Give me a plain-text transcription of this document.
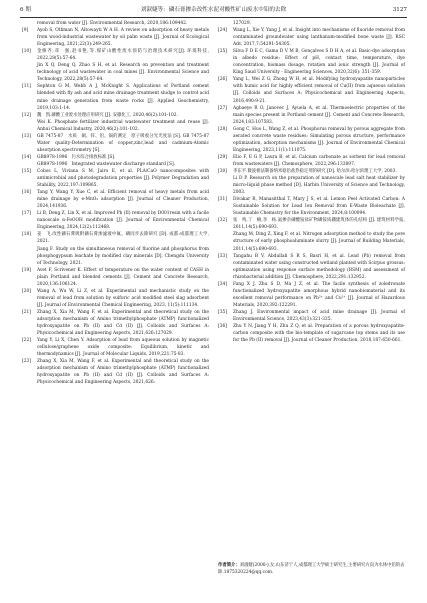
6 期	刘淑婕等：磷石膏掺杂改性水泥对酸性矿山废水中铅的去除	3127
removal from water [J]. Environmental Research, 2020,186:109442.
[9]	Ayob S, Othman N, Altowayti W A H. A review on adsorption of heavy metals from wood-industrial wastewater by oil palm waste [J]. Journal of Ecological Engineering, 2021,22(3):249-265.
[10]	金修齐,邓　强,赵书艳,等.煤矿山酸性废水预防与治理技术研究[J]. 环境科技, 2022,28(5):57-64.
Jin X Q, Deng Q, Zhao S H, et al. Research on prevention and treatment technology of acid wastewater in coal mines [J]. Environmental Science and Technology, 2022,28(5):57-64.
[11]	Sephton G M, Webb A J, McKnight S. Applications of Portland cement blended with fly ash and acid mine drainage treatment sludge to control acid mine drainage generation from waste rocks [J]. Applied Geochemistry, 2019,103:1-14.
[12]	魏　凯.磷酸工业废水处理应用研究 [J]. 安徽化工, 2020,46(2):101-102.
Wei K. Phosphate fertilizer industrial wastewater treatment and reuse [J]. Anhui Chemical Industry, 2020,46(2):101-102.
[13]	GB 7475-87　水质　铜、锌、铅、镉的测定　原子吸收分光光度法 [S]. GB 7475-87　Water quality-Determination of copper,zinc,lead and cadmium-Atomic absorption spectrometry [S].
[14]	GB8978-1996　污水综合排放标准 [S].
GB8978-1996　Integrated wastewater discharge standard [S].
[15]	Cobos L, Viviana S M, Jairo E, et al. PLA/CaO nanocomposites with antimicrobial and photodegradation properties [J]. Polymer Degradation and Stability, 2022,197:109865.
[16]	Tang Y, Wang Y, Xue C, et al. Efficient removal of heavy metals from acid mine drainage by e-MnO₂ adsorption [J]. Journal of Cleaner Production, 2024,141936.
[17]	Li B, Deng Z, Lin X, et al. Improved Pb (II) removal by D001resin with a facile nanoscale α-FeOOH modification [J]. Journal of Environmental Chemical Engineering, 2024,12(2):112468.
[18]	姜　飞.改性磷石膏吸附磷石膏渗滤液中氟、磷同步去除研究 [D]. 成都:成都理工大学, 2021.
Jiang F. Study on the simultaneous removal of fluorine and phosphorus from phosphogypsum leachate by modified clay minerals [D]. Chengdu University of Technology, 2021.
[19]	Avet F, Scrivener K. Effect of temperature on the water content of CASH in plain Portland and blended cements [J]. Cement and Concrete Research, 2020,136:106124.
[20]	Wang A, Wu W, Li Z, et al. Experimental and mechanistic study on the removal of lead from solution by sulfuric acid modified steel slag adsorbent [J]. Journal of Environmental Chemical Engineering, 2023, 11(5):111134.
[21]	Zhang X, Xia M, Wang F, et al. Experimental and theoretical study on the adsorption mechanism of Amino trimethylphosphate (ATMP) functionalized hydroxyapatite on Pb (II) and Cd (II) [J]. Colloids and Surfaces A: Physicochemical and Engineering Aspects, 2021,626:127029.
[22]	Yang Y, Li X, Chen Y. Adsorption of lead from aqueous solution by magnetic cellulose/graphene oxide composite: Equilibrium, kinetic and thermodynamics [J]. Journal of Molecular Liquids, 2019,221:75-83.
[23]	Zhang X, Xia M, Wang F, et al. Experimental and theoretical study on the adsorption mechanism of Amino trimethylphosphate (ATMP) functionalized hydroxyapatite on Pb (II) and Cd (II) [J]. Colloids and Surfaces A: Physicochemical and Engineering Aspects, 2021,626:
127029.
[24]	Wang L, Xie Y, Yang J, et al. Insight into mechanisms of fluoride removal from contaminated groundwater using lanthanum-modified bone waste [J]. RSC Adv, 2017,7:54291-54305.
[25]	Silva F D E C, Gama D V M B, Gonçalves S D H A, et al. Basic-dye adsorption in albedo residue: Effect of pH, contact time, temperature, dye concentration, biomass dosage, rotation and ionic strength [J]. Journal of King Saud University - Engineering Sciences, 2020,32(6): 351-359.
[26]	Yang L, Wei Z G, Zhong W H, et al. Modifying hydroxyapatite nanoparticles with humic acid for highly efficient removal of Cu(II) from aqueous solution [J]. Colloids and Surfaces A: Physicochemical and Engineering Aspects, 2016,490:9-21.
[27]	Agbaeye R O, Janovec J, Ayuela A, et al. Thermoelectric properties of the main species present in Portland cement [J]. Cement and Concrete Research, 2024,183:107583.
[28]	Gong C, Huo L, Wang Z, et al. Phosphorus removal by porous aggregate from aerated concrete waste residues: Simulating porous structure, performance optimization, adsorption mechanisms [J]. Journal of Environmental Chemical Engineering, 2023,11(1):111075.
[29]	Elio F, E G P, Laura B, et al. Calcium carbonate as sorbent for lead removal from wastewaters [J]. Chemosphere, 2022,296:133897.
[30]	李东平.微波相法制备纳米稳铅盐热稳定剂的研究 [D]. 哈尔滨:哈尔滨理工大学, 2003.
Li D P. Research on the preparation of nanoscale lead salt heat stabilizer by micro-liquid phase method [D]. Harbin University of Science and Technology, 2003.
[31]	Divakar R, Manasitthal T, Mary J S, et al. Lemon Peel Activated Carbon: A Sustainable Solution for Lead Ion Removal from E-Waste Bioleachate [J]. Sustainable Chemistry for the Environment, 2024,8:100094.
[32]	张　鸣,丁　楠,李　杨.氮掺杂磷酸铵盐矿物磷铵质硼建筑体的孔结构 [J]. 建筑材料学报, 2011,14(5):690-693.
Zhang M, Ding Z, Xing F, et al. Nitrogen adsorption method to study the pore structure of early phosphoaluminate slurry [J]. Journal of Building Materials, 2011,14(5):690-693.
[33]	Tangahu B V, Abdullah S R S, Basri H, et al. Lead (Pb) removal from contaminated water using constructed wetland planted with Scirpus grossus: optimization using response surface methodology (RSM) and assessment of rhizobacterial addition [J]. Chemosphere, 2022,291:132952.
[34]	Fang X J, Zhu S D, Ma J Z, et al. The facile synthesis of zoledronate functionalized hydroxyapatite amorphous hybrid nanobiomaterial and its excellent removal performance on Pb²⁺ and Cu²⁺ [J]. Journal of Hazardous Materials, 2020,392:122291.
[35]	Zhang J. Environmental impact of acid mine drainage [J]. Journal of Environmental Science, 2023,43(3):321-335.
[36]	Zhu Y N, Jiang Y H, Zhu Z Q, et al. Preparation of a porous hydroxyapatite-carbon composite with the bio-template of sugarcane top stems and its use for the Pb (II) removal [J]. Journal of Cleaner Production, 2018,187:650-661.
作者简介：刘淑婕(2000-),女,山东济宁人,成都理工大学硕士研究生,主要研究方向为水体中铅的去除.1875320224@qq.com.
